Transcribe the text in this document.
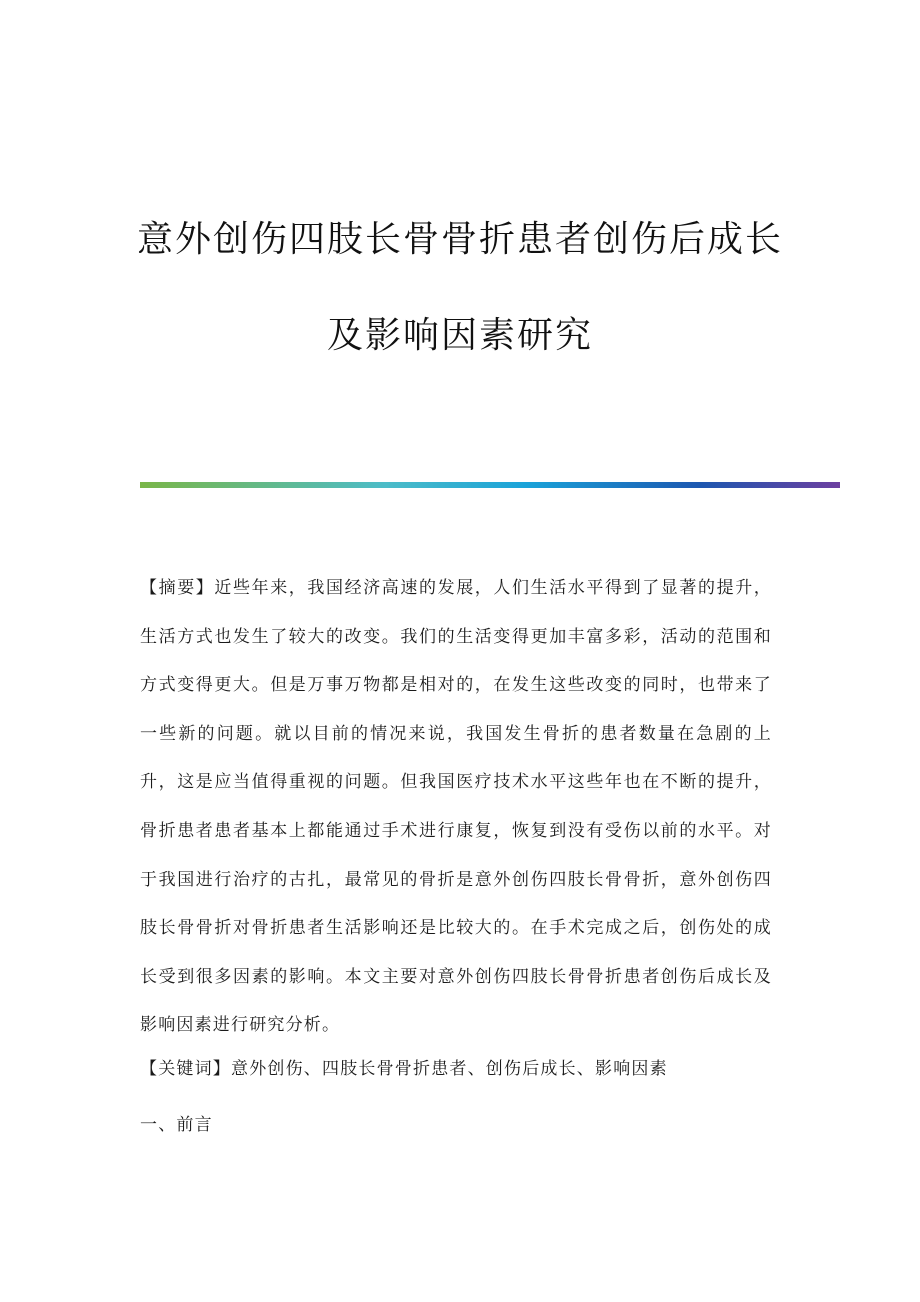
意外创伤四肢长骨骨折患者创伤后成长
及影响因素研究

【摘要】近些年来，我国经济高速的发展，人们生活水平得到了显著的提升，生活方式也发生了较大的改变。我们的生活变得更加丰富多彩，活动的范围和方式变得更大。但是万事万物都是相对的，在发生这些改变的同时，也带来了一些新的问题。就以目前的情况来说，我国发生骨折的患者数量在急剧的上升，这是应当值得重视的问题。但我国医疗技术水平这些年也在不断的提升，骨折患者患者基本上都能通过手术进行康复，恢复到没有受伤以前的水平。对于我国进行治疗的古扎，最常见的骨折是意外创伤四肢长骨骨折，意外创伤四肢长骨骨折对骨折患者生活影响还是比较大的。在手术完成之后，创伤处的成长受到很多因素的影响。本文主要对意外创伤四肢长骨骨折患者创伤后成长及影响因素进行研究分析。

【关键词】意外创伤、四肢长骨骨折患者、创伤后成长、影响因素

一、前言
